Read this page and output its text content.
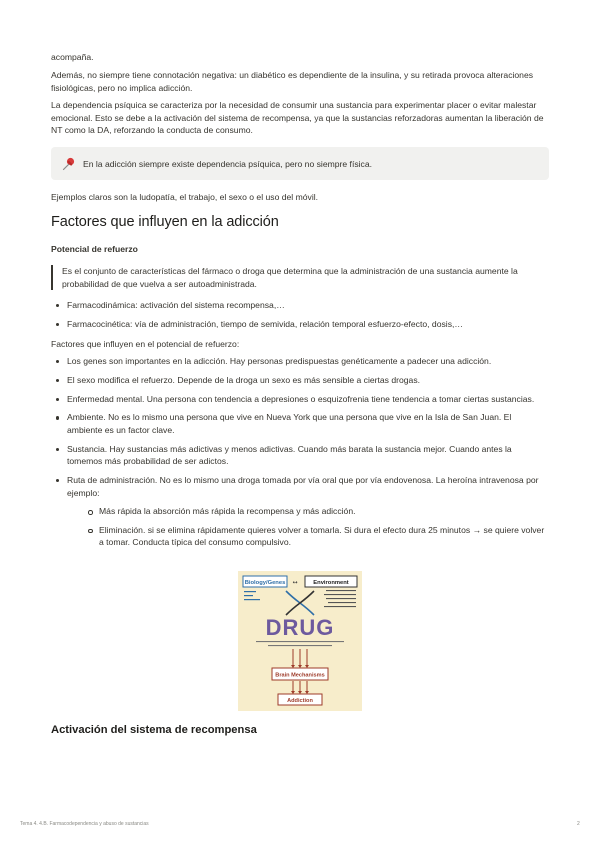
acompaña.

Además, no siempre tiene connotación negativa: un diabético es dependiente de la insulina, y su retirada provoca alteraciones fisiológicas, pero no implica adicción.

La dependencia psíquica se caracteriza por la necesidad de consumir una sustancia para experimentar placer o evitar malestar emocional. Esto se debe a la activación del sistema de recompensa, ya que la sustancias reforzadoras aumentan la liberación de NT como la DA, reforzando la conducta de consumo.

En la adicción siempre existe dependencia psíquica, pero no siempre física.

Ejemplos claros son la ludopatía, el trabajo, el sexo o el uso del móvil.

Factores que influyen en la adicción
Potencial de refuerzo

Es el conjunto de características del fármaco o droga que determina que la administración de una sustancia aumente la probabilidad de que vuelva a ser autoadministrada.

Farmacodinámica: activación del sistema recompensa,…
Farmacocinética: vía de administración, tiempo de semivida, relación temporal esfuerzo-efecto, dosis,…

Factores que influyen en el potencial de refuerzo:

Los genes son importantes en la adicción. Hay personas predispuestas genéticamente a padecer una adicción.
El sexo modifica el refuerzo. Depende de la droga un sexo es más sensible a ciertas drogas.
Enfermedad mental. Una persona con tendencia a depresiones o esquizofrenia tiene tendencia a tomar ciertas sustancias.
Ambiente. No es lo mismo una persona que vive en Nueva York que una persona que vive en la Isla de San Juan. El ambiente es un factor clave.
Sustancia. Hay sustancias más adictivas y menos adictivas. Cuando más barata la sustancia mejor. Cuando antes la tomemos más probabilidad de ser adictos.
Ruta de administración. No es lo mismo una droga tomada por vía oral que por vía endovenosa. La heroína intravenosa por ejemplo:
Más rápida la absorción más rápida la recompensa y más adicción.
Eliminación. si se elimina rápidamente quieres volver a tomarla. Si dura el efecto dura 25 minutos → se quiere volver a tomar. Conducta típica del consumo compulsivo.
Biology/Genes ↔	Environment
DRUG
Brain Mechanisms
Addiction
Activación del sistema de recompensa
Tema 4. 4.B. Farmacodependencia y abuso de sustancias	2
